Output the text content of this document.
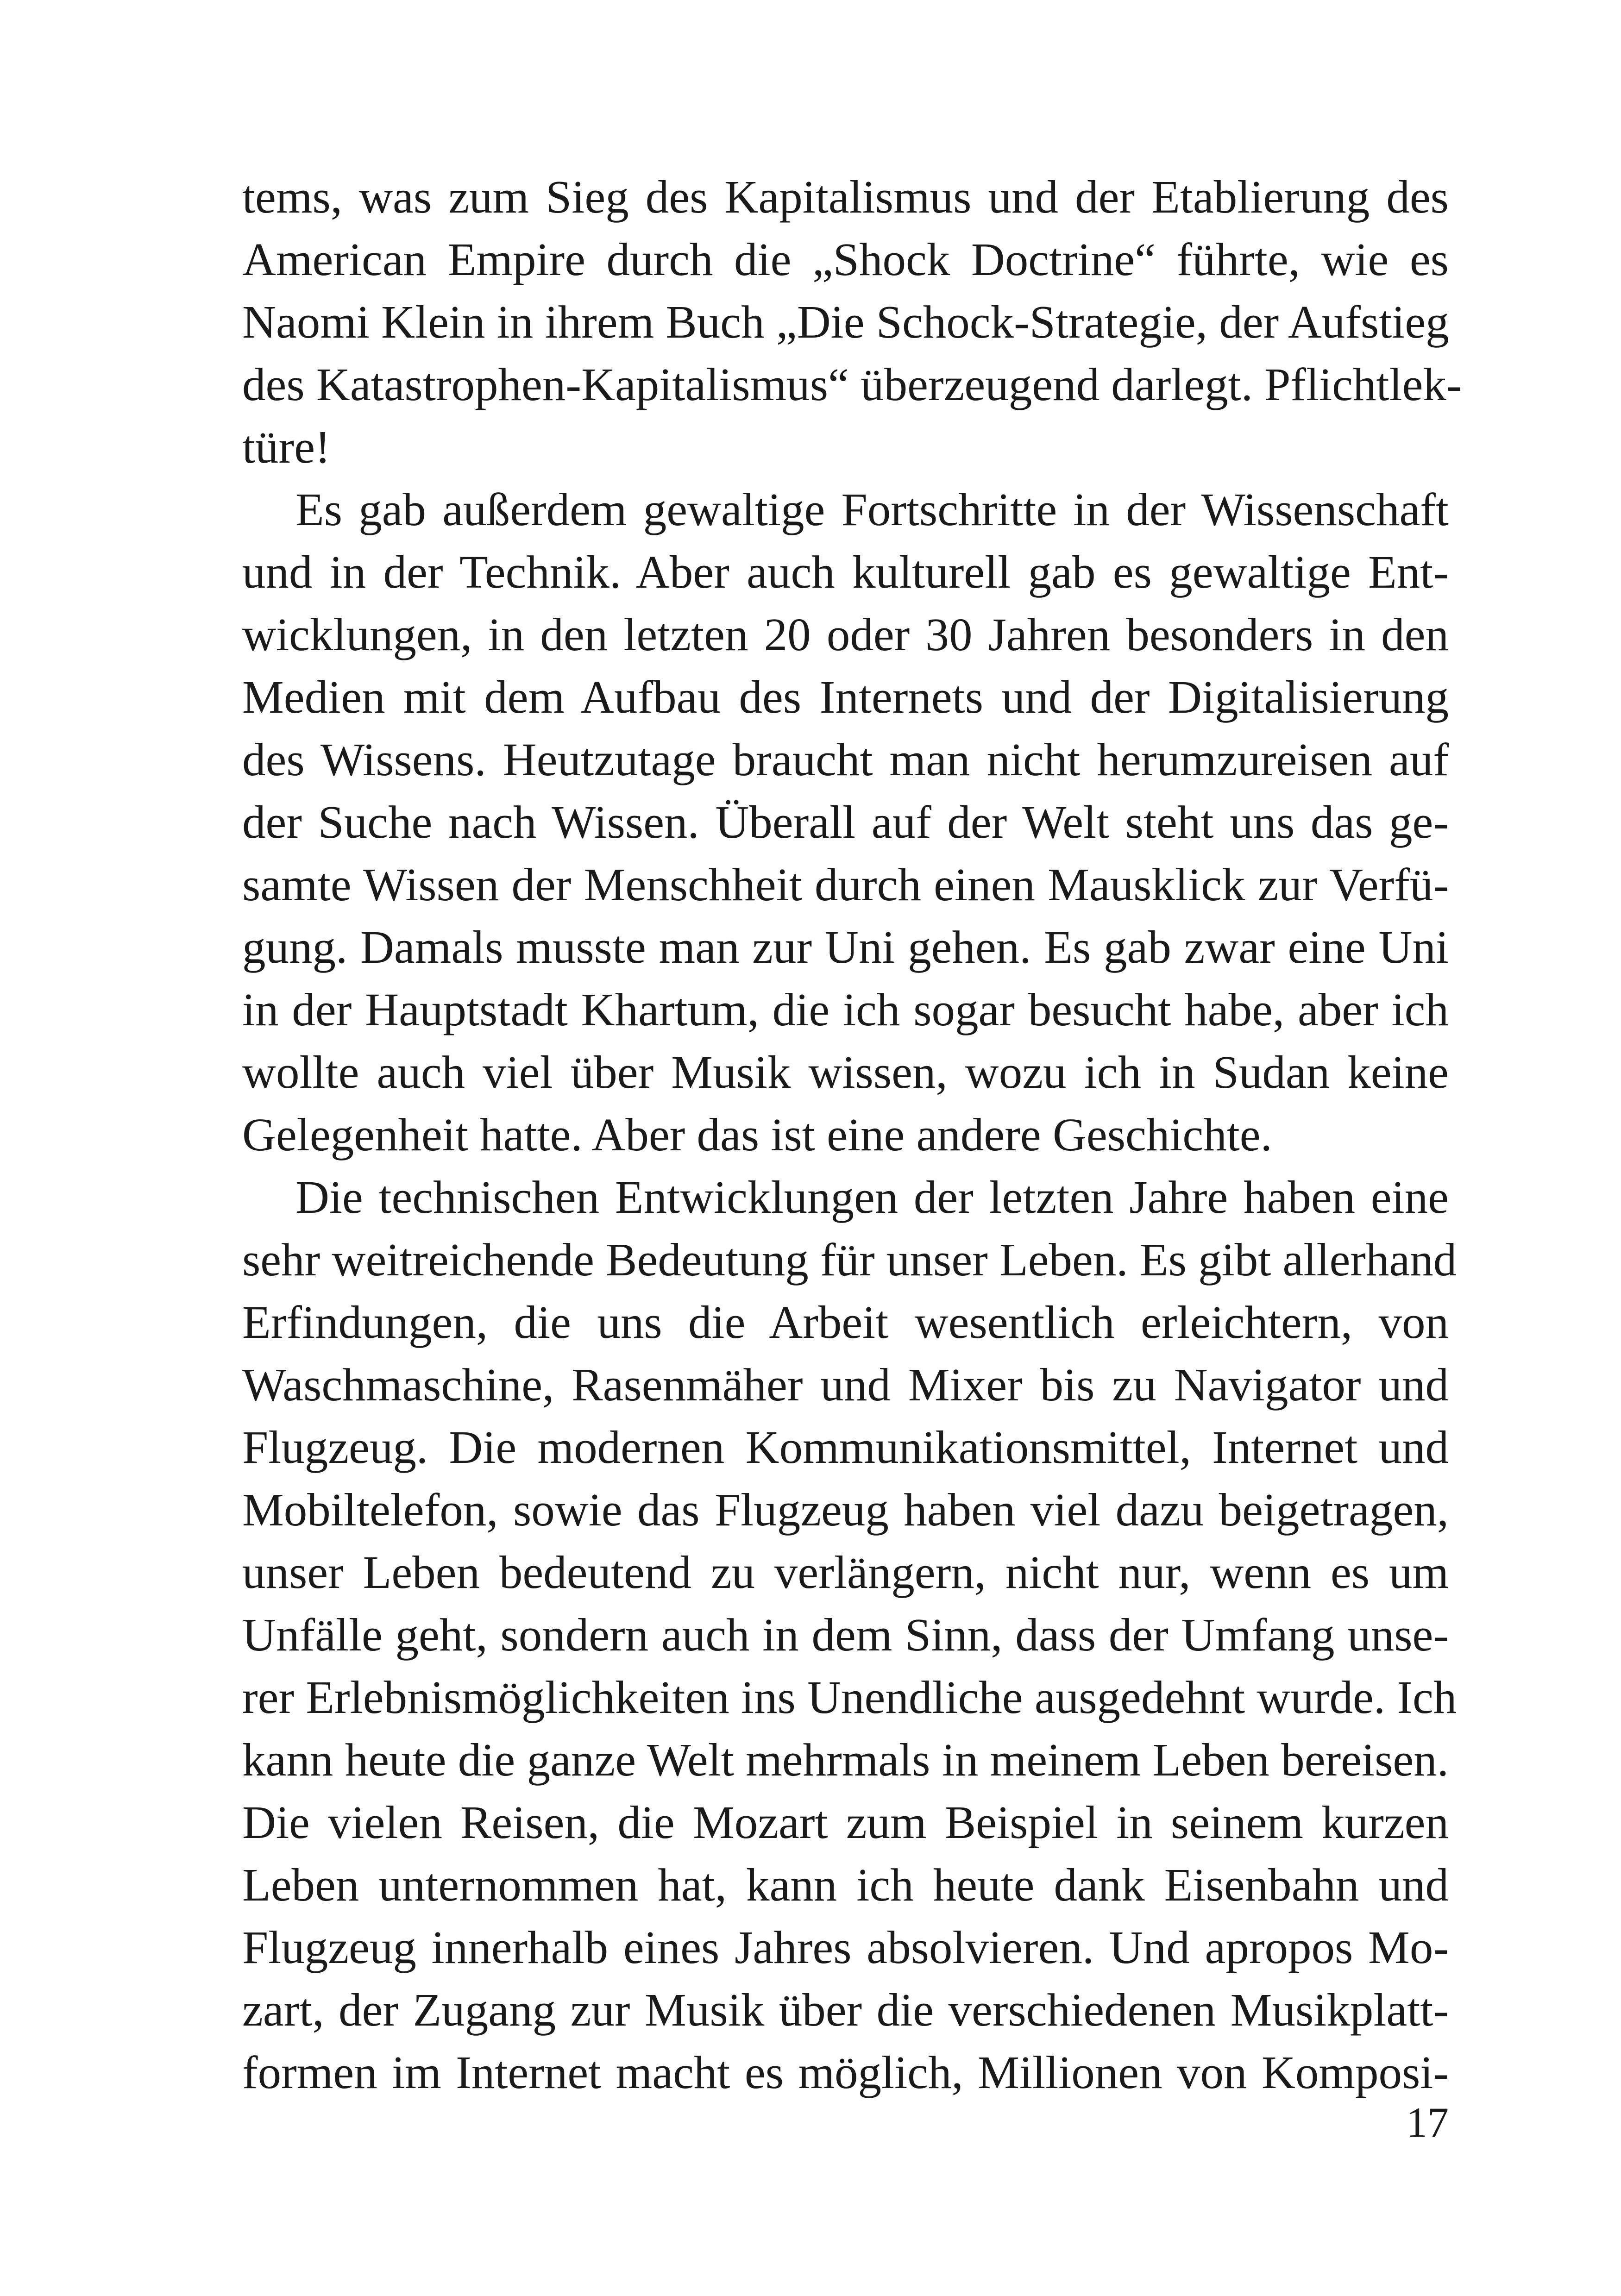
tems, was zum Sieg des Kapitalismus und der Etablierung des
American Empire durch die „Shock Doctrine“ führte, wie es
Naomi Klein in ihrem Buch „Die Schock-Strategie, der Aufstieg
des Katastrophen-Kapitalismus“ überzeugend darlegt. Pflichtlek-
türe!
Es gab außerdem gewaltige Fortschritte in der Wissenschaft
und in der Technik. Aber auch kulturell gab es gewaltige Ent-
wicklungen, in den letzten 20 oder 30 Jahren besonders in den
Medien mit dem Aufbau des Internets und der Digitalisierung
des Wissens. Heutzutage braucht man nicht herumzureisen auf
der Suche nach Wissen. Überall auf der Welt steht uns das ge-
samte Wissen der Menschheit durch einen Mausklick zur Verfü-
gung. Damals musste man zur Uni gehen. Es gab zwar eine Uni
in der Hauptstadt Khartum, die ich sogar besucht habe, aber ich
wollte auch viel über Musik wissen, wozu ich in Sudan keine
Gelegenheit hatte. Aber das ist eine andere Geschichte.
Die technischen Entwicklungen der letzten Jahre haben eine
sehr weitreichende Bedeutung für unser Leben. Es gibt allerhand
Erfindungen, die uns die Arbeit wesentlich erleichtern, von
Waschmaschine, Rasenmäher und Mixer bis zu Navigator und
Flugzeug. Die modernen Kommunikationsmittel, Internet und
Mobiltelefon, sowie das Flugzeug haben viel dazu beigetragen,
unser Leben bedeutend zu verlängern, nicht nur, wenn es um
Unfälle geht, sondern auch in dem Sinn, dass der Umfang unse-
rer Erlebnismöglichkeiten ins Unendliche ausgedehnt wurde. Ich
kann heute die ganze Welt mehrmals in meinem Leben bereisen.
Die vielen Reisen, die Mozart zum Beispiel in seinem kurzen
Leben unternommen hat, kann ich heute dank Eisenbahn und
Flugzeug innerhalb eines Jahres absolvieren. Und apropos Mo-
zart, der Zugang zur Musik über die verschiedenen Musikplatt-
formen im Internet macht es möglich, Millionen von Komposi-
17
